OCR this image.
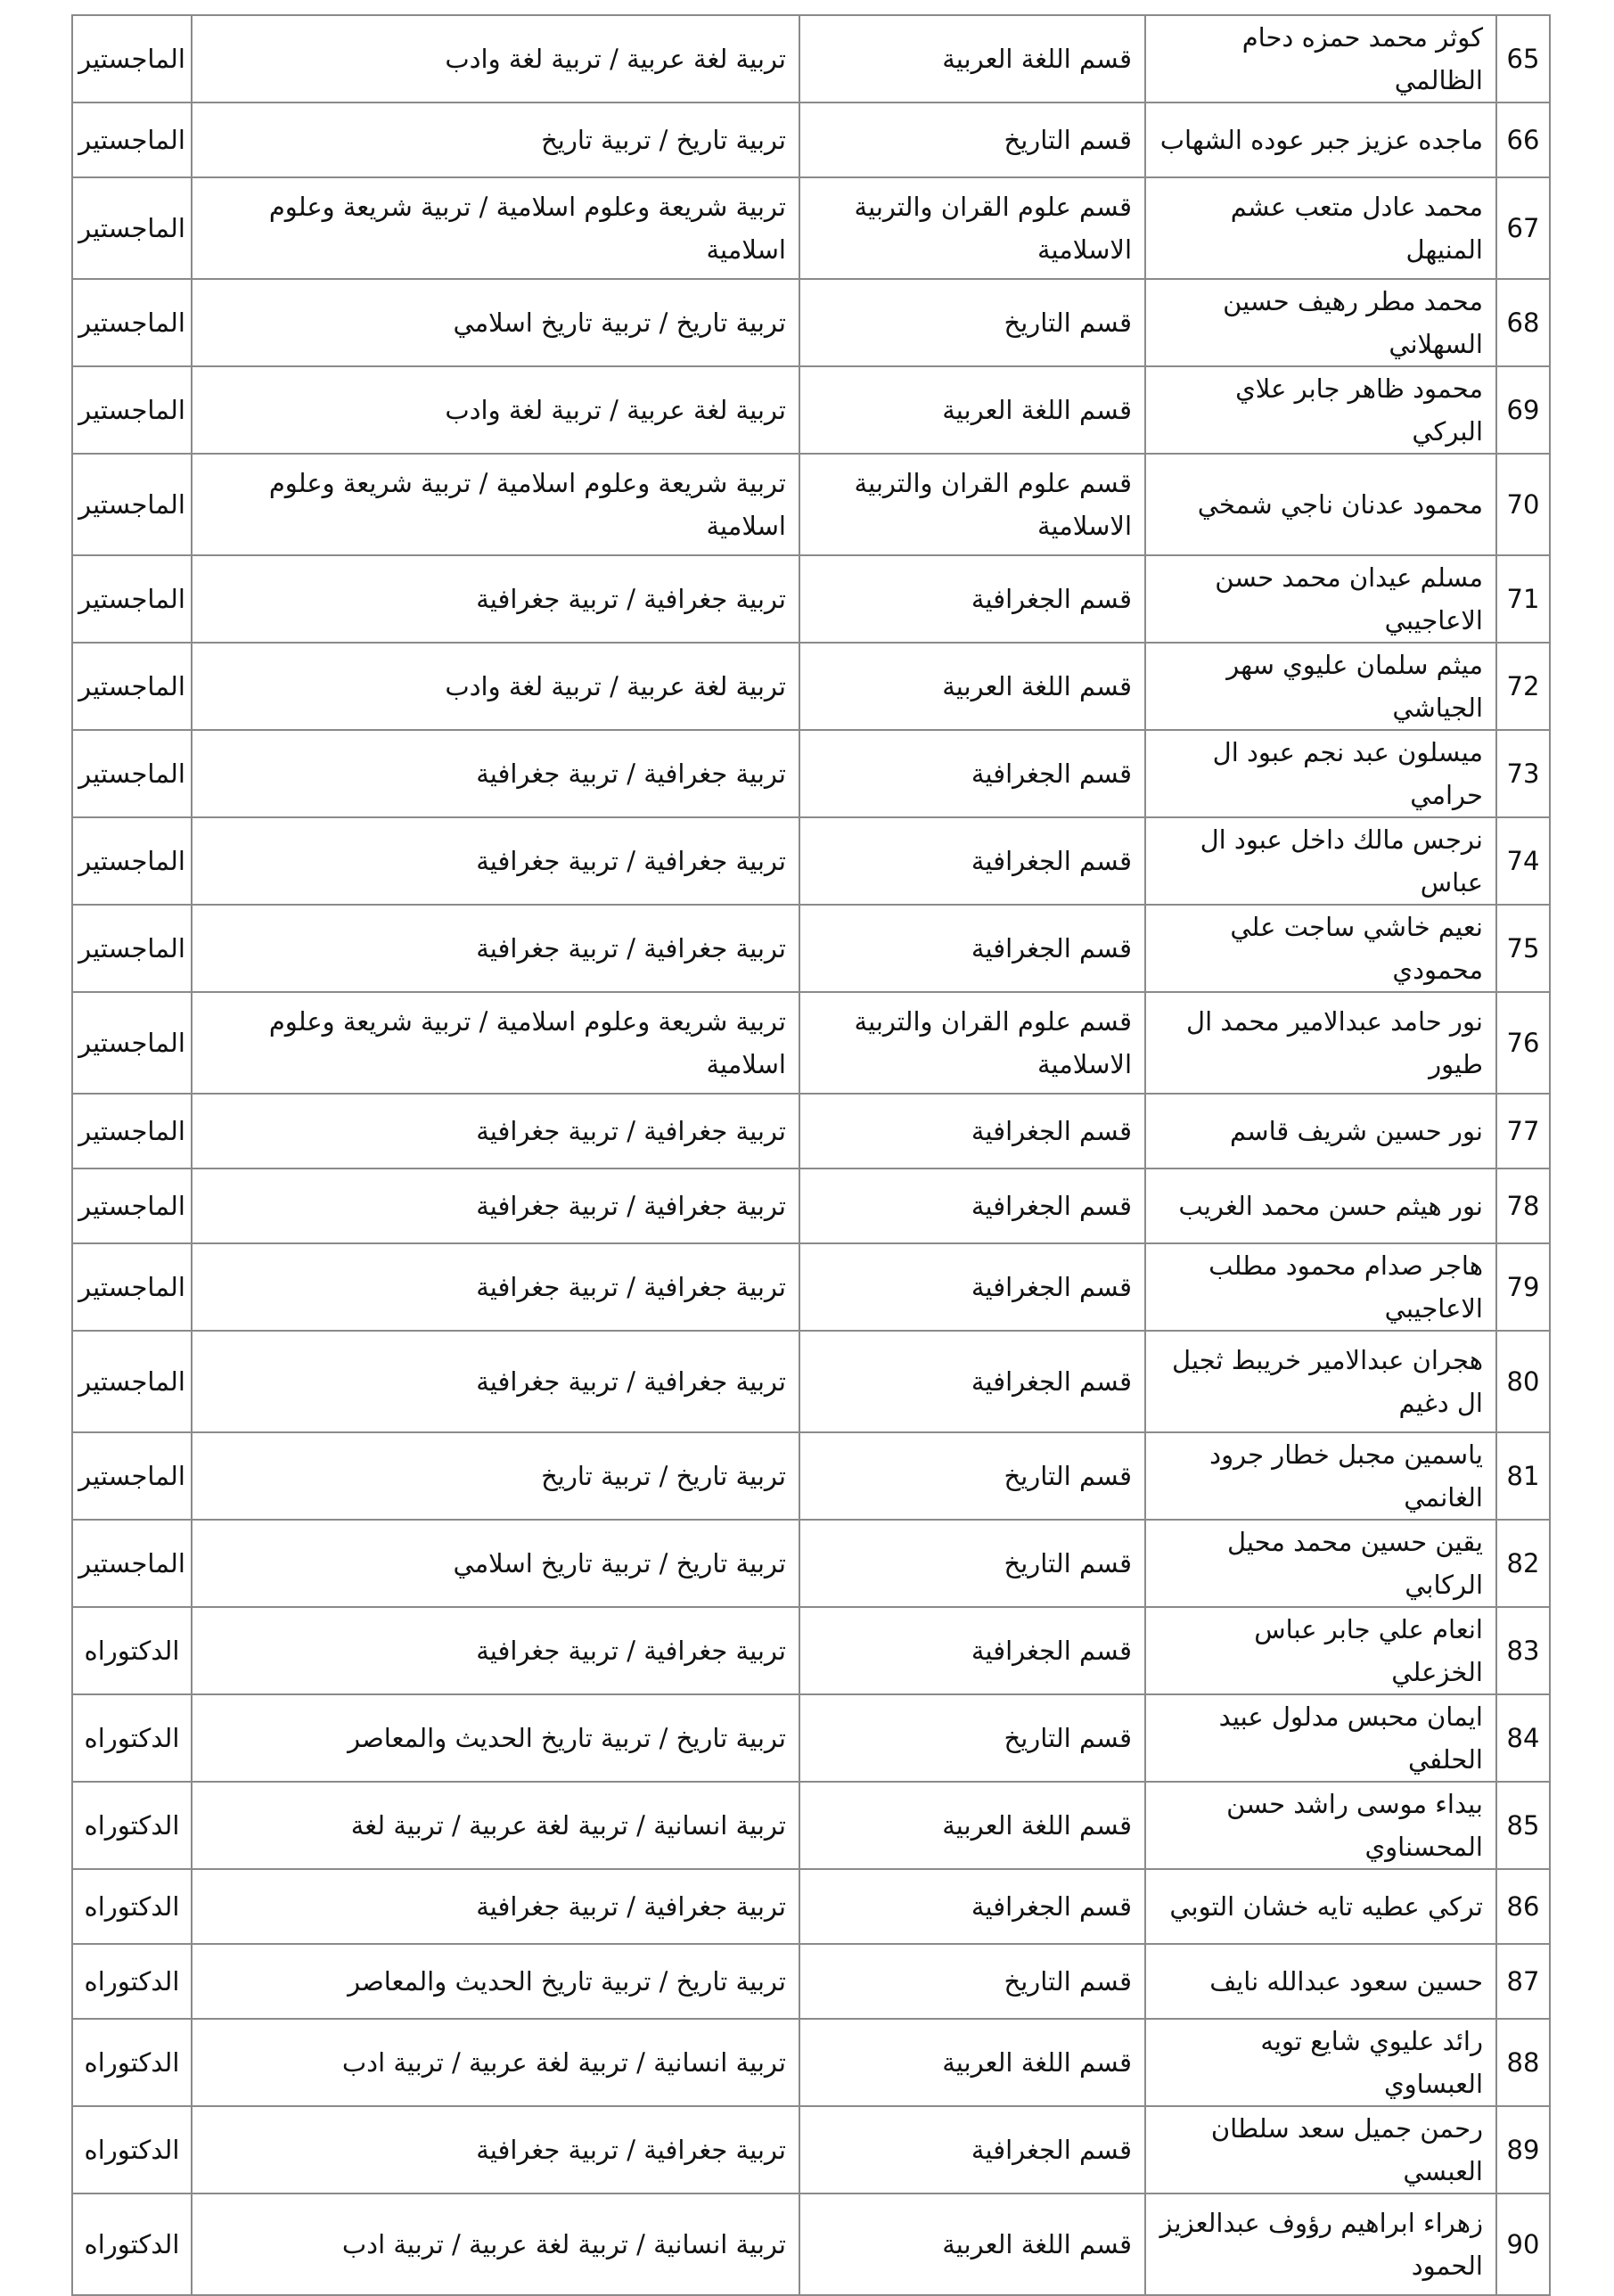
65	كوثر محمد حمزه دحام الظالمي	قسم اللغة العربية	تربية لغة عربية / تربية لغة وادب	الماجستير
66	ماجده عزيز جبر عوده الشهاب	قسم التاريخ	تربية تاريخ / تربية تاريخ	الماجستير
67	محمد عادل متعب عشم المنيهل	قسم علوم القران والتربية الاسلامية	تربية شريعة وعلوم اسلامية / تربية شريعة وعلوم اسلامية	الماجستير
68	محمد مطر رهيف حسين السهلاني	قسم التاريخ	تربية تاريخ / تربية تاريخ اسلامي	الماجستير
69	محمود ظاهر جابر علاي البركي	قسم اللغة العربية	تربية لغة عربية / تربية لغة وادب	الماجستير
70	محمود عدنان ناجي شمخي	قسم علوم القران والتربية الاسلامية	تربية شريعة وعلوم اسلامية / تربية شريعة وعلوم اسلامية	الماجستير
71	مسلم عيدان محمد حسن الاعاجيبي	قسم الجغرافية	تربية جغرافية / تربية جغرافية	الماجستير
72	ميثم سلمان عليوي سهر الجياشي	قسم اللغة العربية	تربية لغة عربية / تربية لغة وادب	الماجستير
73	ميسلون عبد نجم عبود ال حرامي	قسم الجغرافية	تربية جغرافية / تربية جغرافية	الماجستير
74	نرجس مالك داخل عبود ال عباس	قسم الجغرافية	تربية جغرافية / تربية جغرافية	الماجستير
75	نعيم خاشي ساجت علي محمودي	قسم الجغرافية	تربية جغرافية / تربية جغرافية	الماجستير
76	نور حامد عبدالامير محمد ال طيور	قسم علوم القران والتربية الاسلامية	تربية شريعة وعلوم اسلامية / تربية شريعة وعلوم اسلامية	الماجستير
77	نور حسين شريف قاسم	قسم الجغرافية	تربية جغرافية / تربية جغرافية	الماجستير
78	نور هيثم حسن محمد الغريب	قسم الجغرافية	تربية جغرافية / تربية جغرافية	الماجستير
79	هاجر صدام محمود مطلب الاعاجيبي	قسم الجغرافية	تربية جغرافية / تربية جغرافية	الماجستير
80	هجران عبدالامير خريبط ثجيل ال دغيم	قسم الجغرافية	تربية جغرافية / تربية جغرافية	الماجستير
81	ياسمين مجبل خطار جرود الغانمي	قسم التاريخ	تربية تاريخ / تربية تاريخ	الماجستير
82	يقين حسين محمد محيل الركابي	قسم التاريخ	تربية تاريخ / تربية تاريخ اسلامي	الماجستير
83	انعام علي جابر عباس الخزعلي	قسم الجغرافية	تربية جغرافية / تربية جغرافية	الدكتوراه
84	ايمان محبس مدلول عبيد الحلفي	قسم التاريخ	تربية تاريخ / تربية تاريخ الحديث والمعاصر	الدكتوراه
85	بيداء موسى راشد حسن المحسناوي	قسم اللغة العربية	تربية انسانية / تربية لغة عربية / تربية لغة	الدكتوراه
86	تركي عطيه تايه خشان التوبي	قسم الجغرافية	تربية جغرافية / تربية جغرافية	الدكتوراه
87	حسين سعود عبدالله نايف	قسم التاريخ	تربية تاريخ / تربية تاريخ الحديث والمعاصر	الدكتوراه
88	رائد عليوي شايع تويه العبساوي	قسم اللغة العربية	تربية انسانية / تربية لغة عربية / تربية ادب	الدكتوراه
89	رحمن جميل سعد سلطان العبسي	قسم الجغرافية	تربية جغرافية / تربية جغرافية	الدكتوراه
90	زهراء ابراهيم رؤوف عبدالعزيز الحمود	قسم اللغة العربية	تربية انسانية / تربية لغة عربية / تربية ادب	الدكتوراه
